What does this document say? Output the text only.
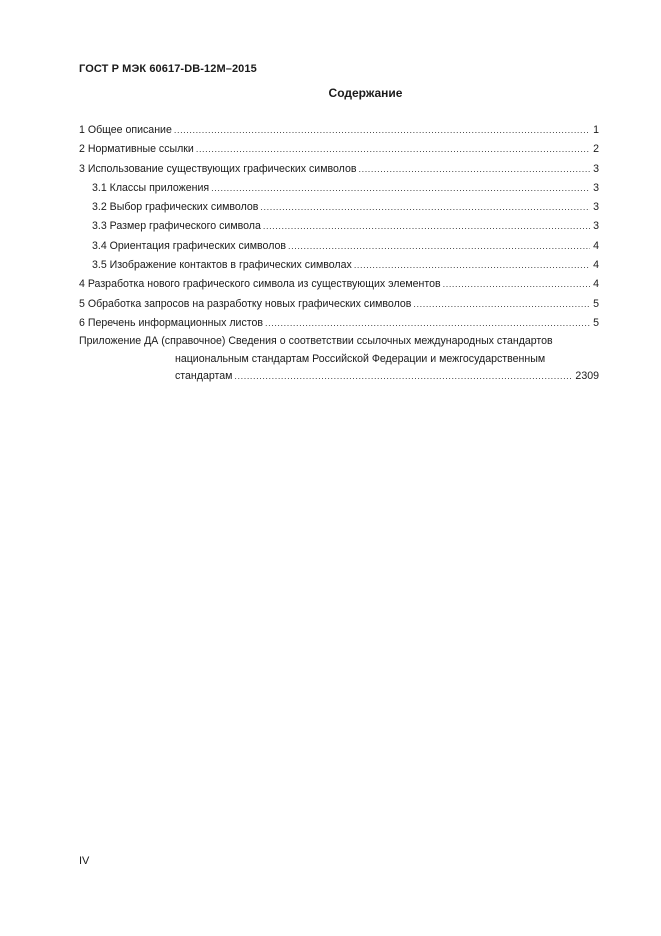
ГОСТ Р МЭК 60617-DB-12M–2015
Содержание
1 Общее описание .....	1
2 Нормативные ссылки .....	2
3 Использование существующих графических символов .....	3
3.1 Классы приложения .....	3
3.2 Выбор графических символов .....	3
3.3 Размер графического символа .....	3
3.4 Ориентация графических символов .....	4
3.5 Изображение контактов в графических символах .....	4
4 Разработка нового графического символа из существующих элементов .....	4
5 Обработка запросов на разработку новых графических символов .....	5
6 Перечень информационных листов .....	5
Приложение ДА (справочное) Сведения о соответствии ссылочных международных стандартов
национальным стандартам Российской Федерации и межгосударственным
стандартам .....	2309
IV
